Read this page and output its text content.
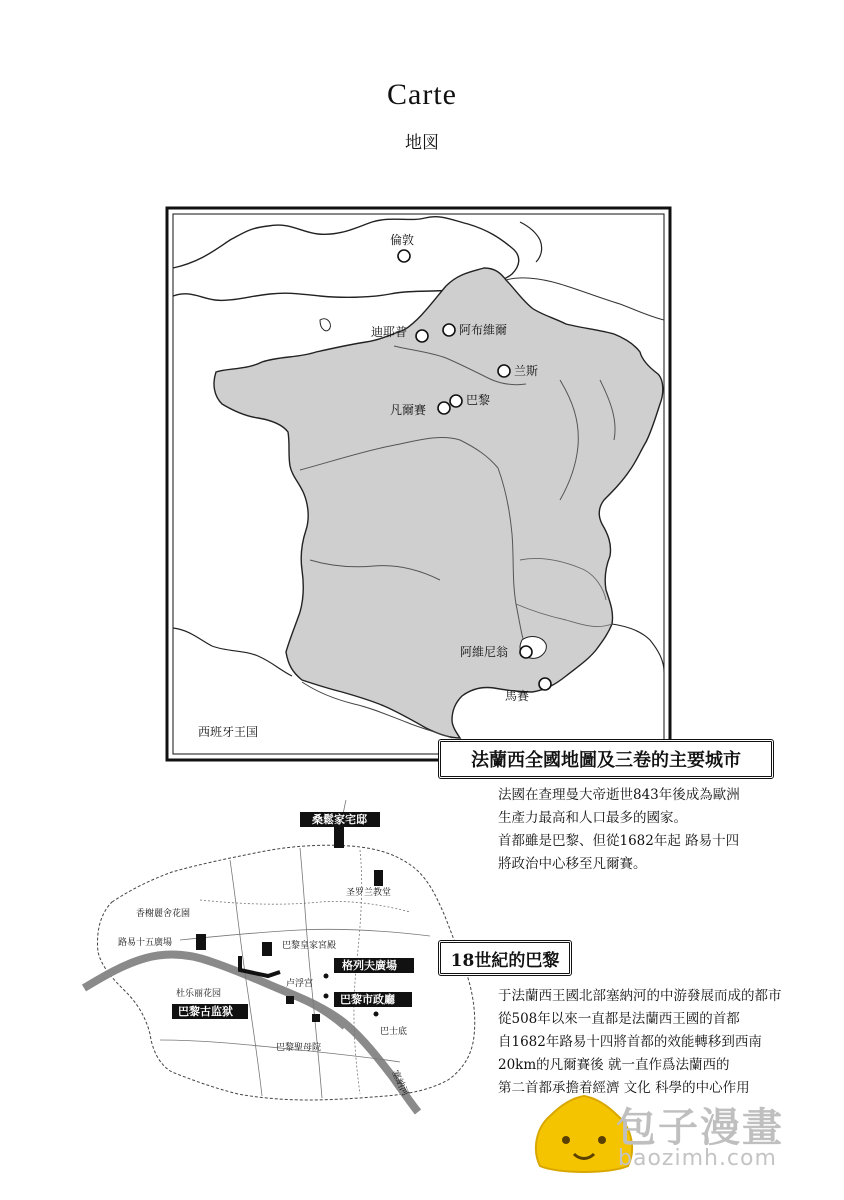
Carte
地図
倫敦
迪耶普	阿布維爾
兰斯
巴黎
凡爾賽
阿維尼翁
馬賽
西班牙王国
桑鬆家宅邸
格列夫廣場
巴黎市政廳
巴黎古监狱
圣罗兰教堂
香榭麗舍花園
路易十五廣場	巴黎皇家宮殿
卢浮宫
杜乐丽花园
巴黎聖母院
巴士底
塞納河
法蘭西全國地圖及三卷的主要城市
法國在查理曼大帝逝世843年後成為歐洲
生產力最高和人口最多的國家。
首都雖是巴黎、但從1682年起 路易十四
將政治中心移至凡爾賽。
18世紀的巴黎
于法蘭西王國北部塞納河的中游發展而成的都市
從508年以來一直都是法蘭西王國的首都
自1682年路易十四將首都的效能轉移到西南
20km的凡爾賽後 就一直作爲法蘭西的
第二首都承擔着經濟 文化 科學的中心作用
包子漫畫
baozimh.com
